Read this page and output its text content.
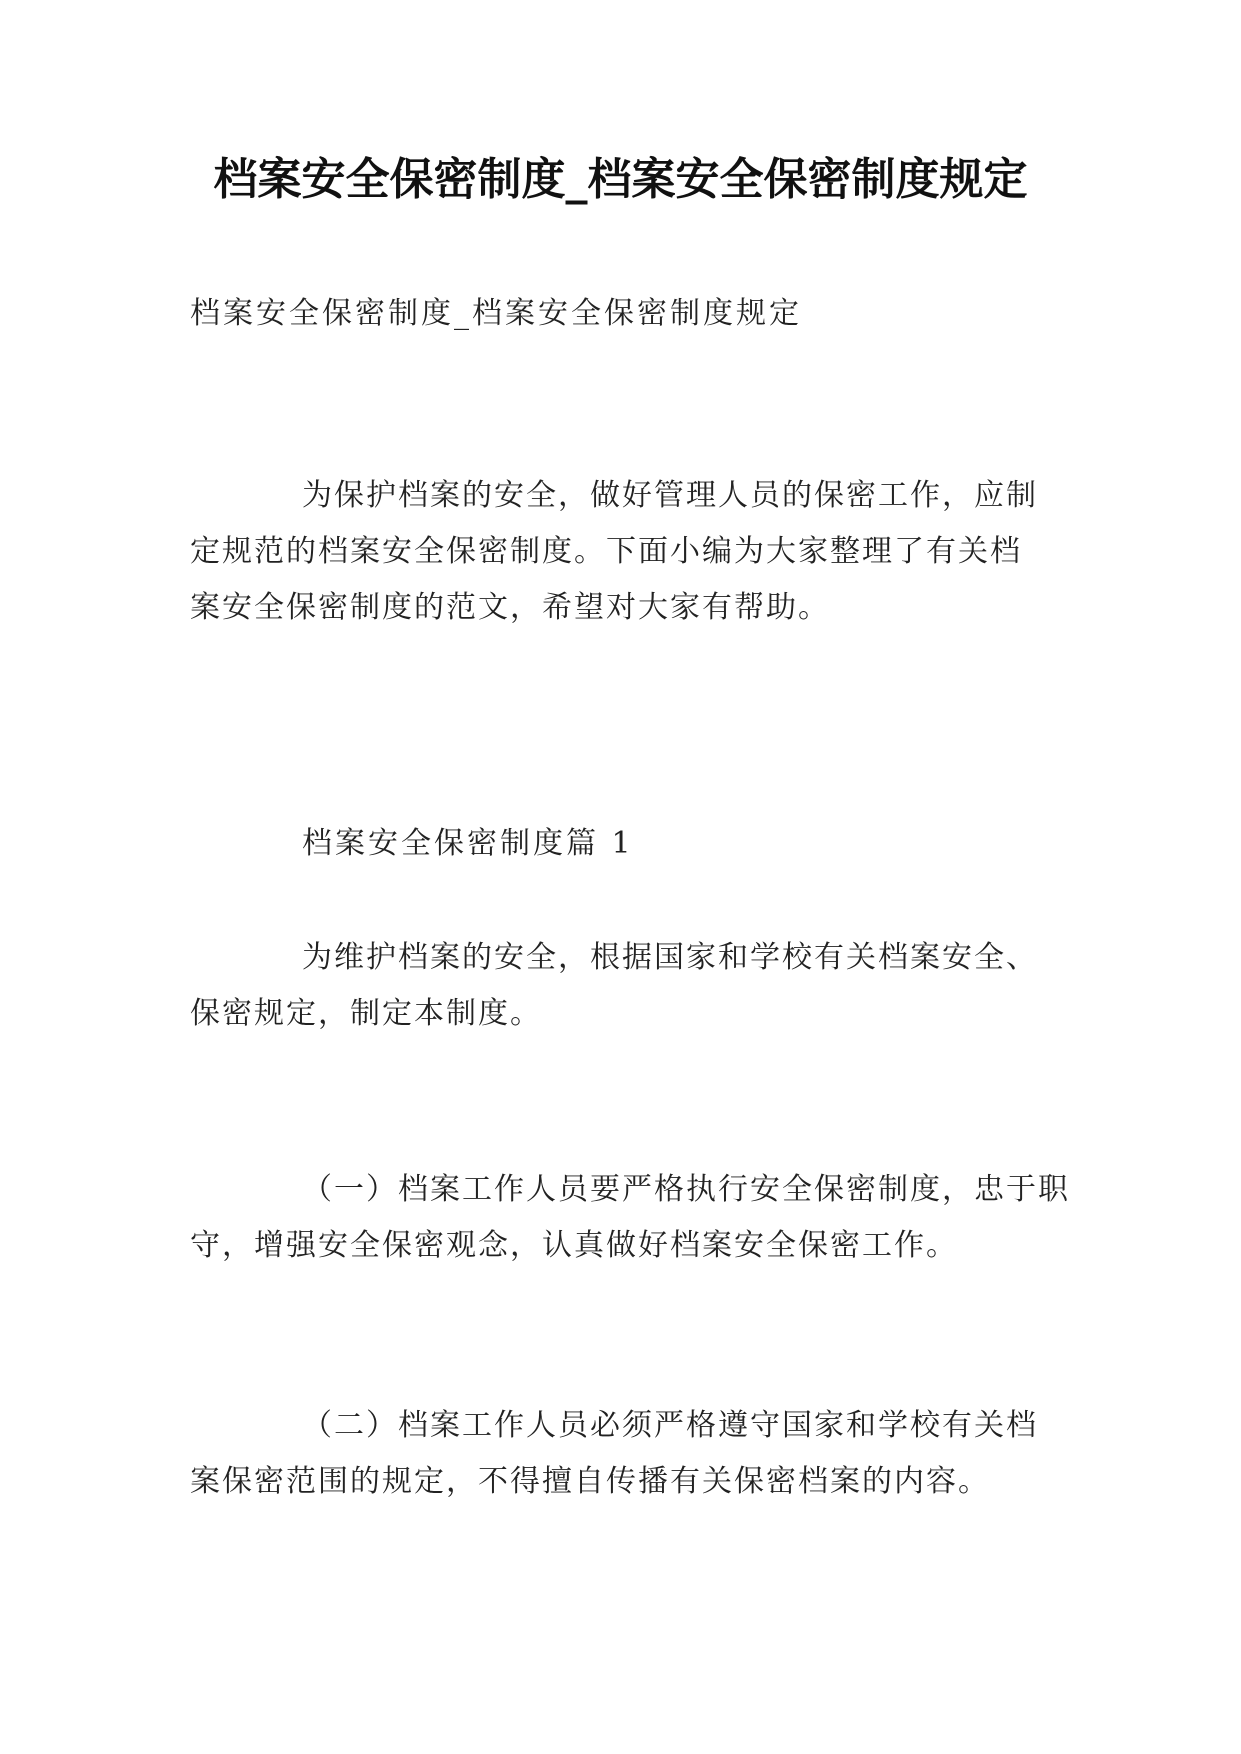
档案安全保密制度_档案安全保密制度规定

档案安全保密制度_档案安全保密制度规定

为保护档案的安全，做好管理人员的保密工作，应制
定规范的档案安全保密制度。下面小编为大家整理了有关档
案安全保密制度的范文，希望对大家有帮助。

档案安全保密制度篇 1

为维护档案的安全，根据国家和学校有关档案安全、
保密规定，制定本制度。
（一）档案工作人员要严格执行安全保密制度，忠于职
守，增强安全保密观念，认真做好档案安全保密工作。
（二）档案工作人员必须严格遵守国家和学校有关档
案保密范围的规定，不得擅自传播有关保密档案的内容。
